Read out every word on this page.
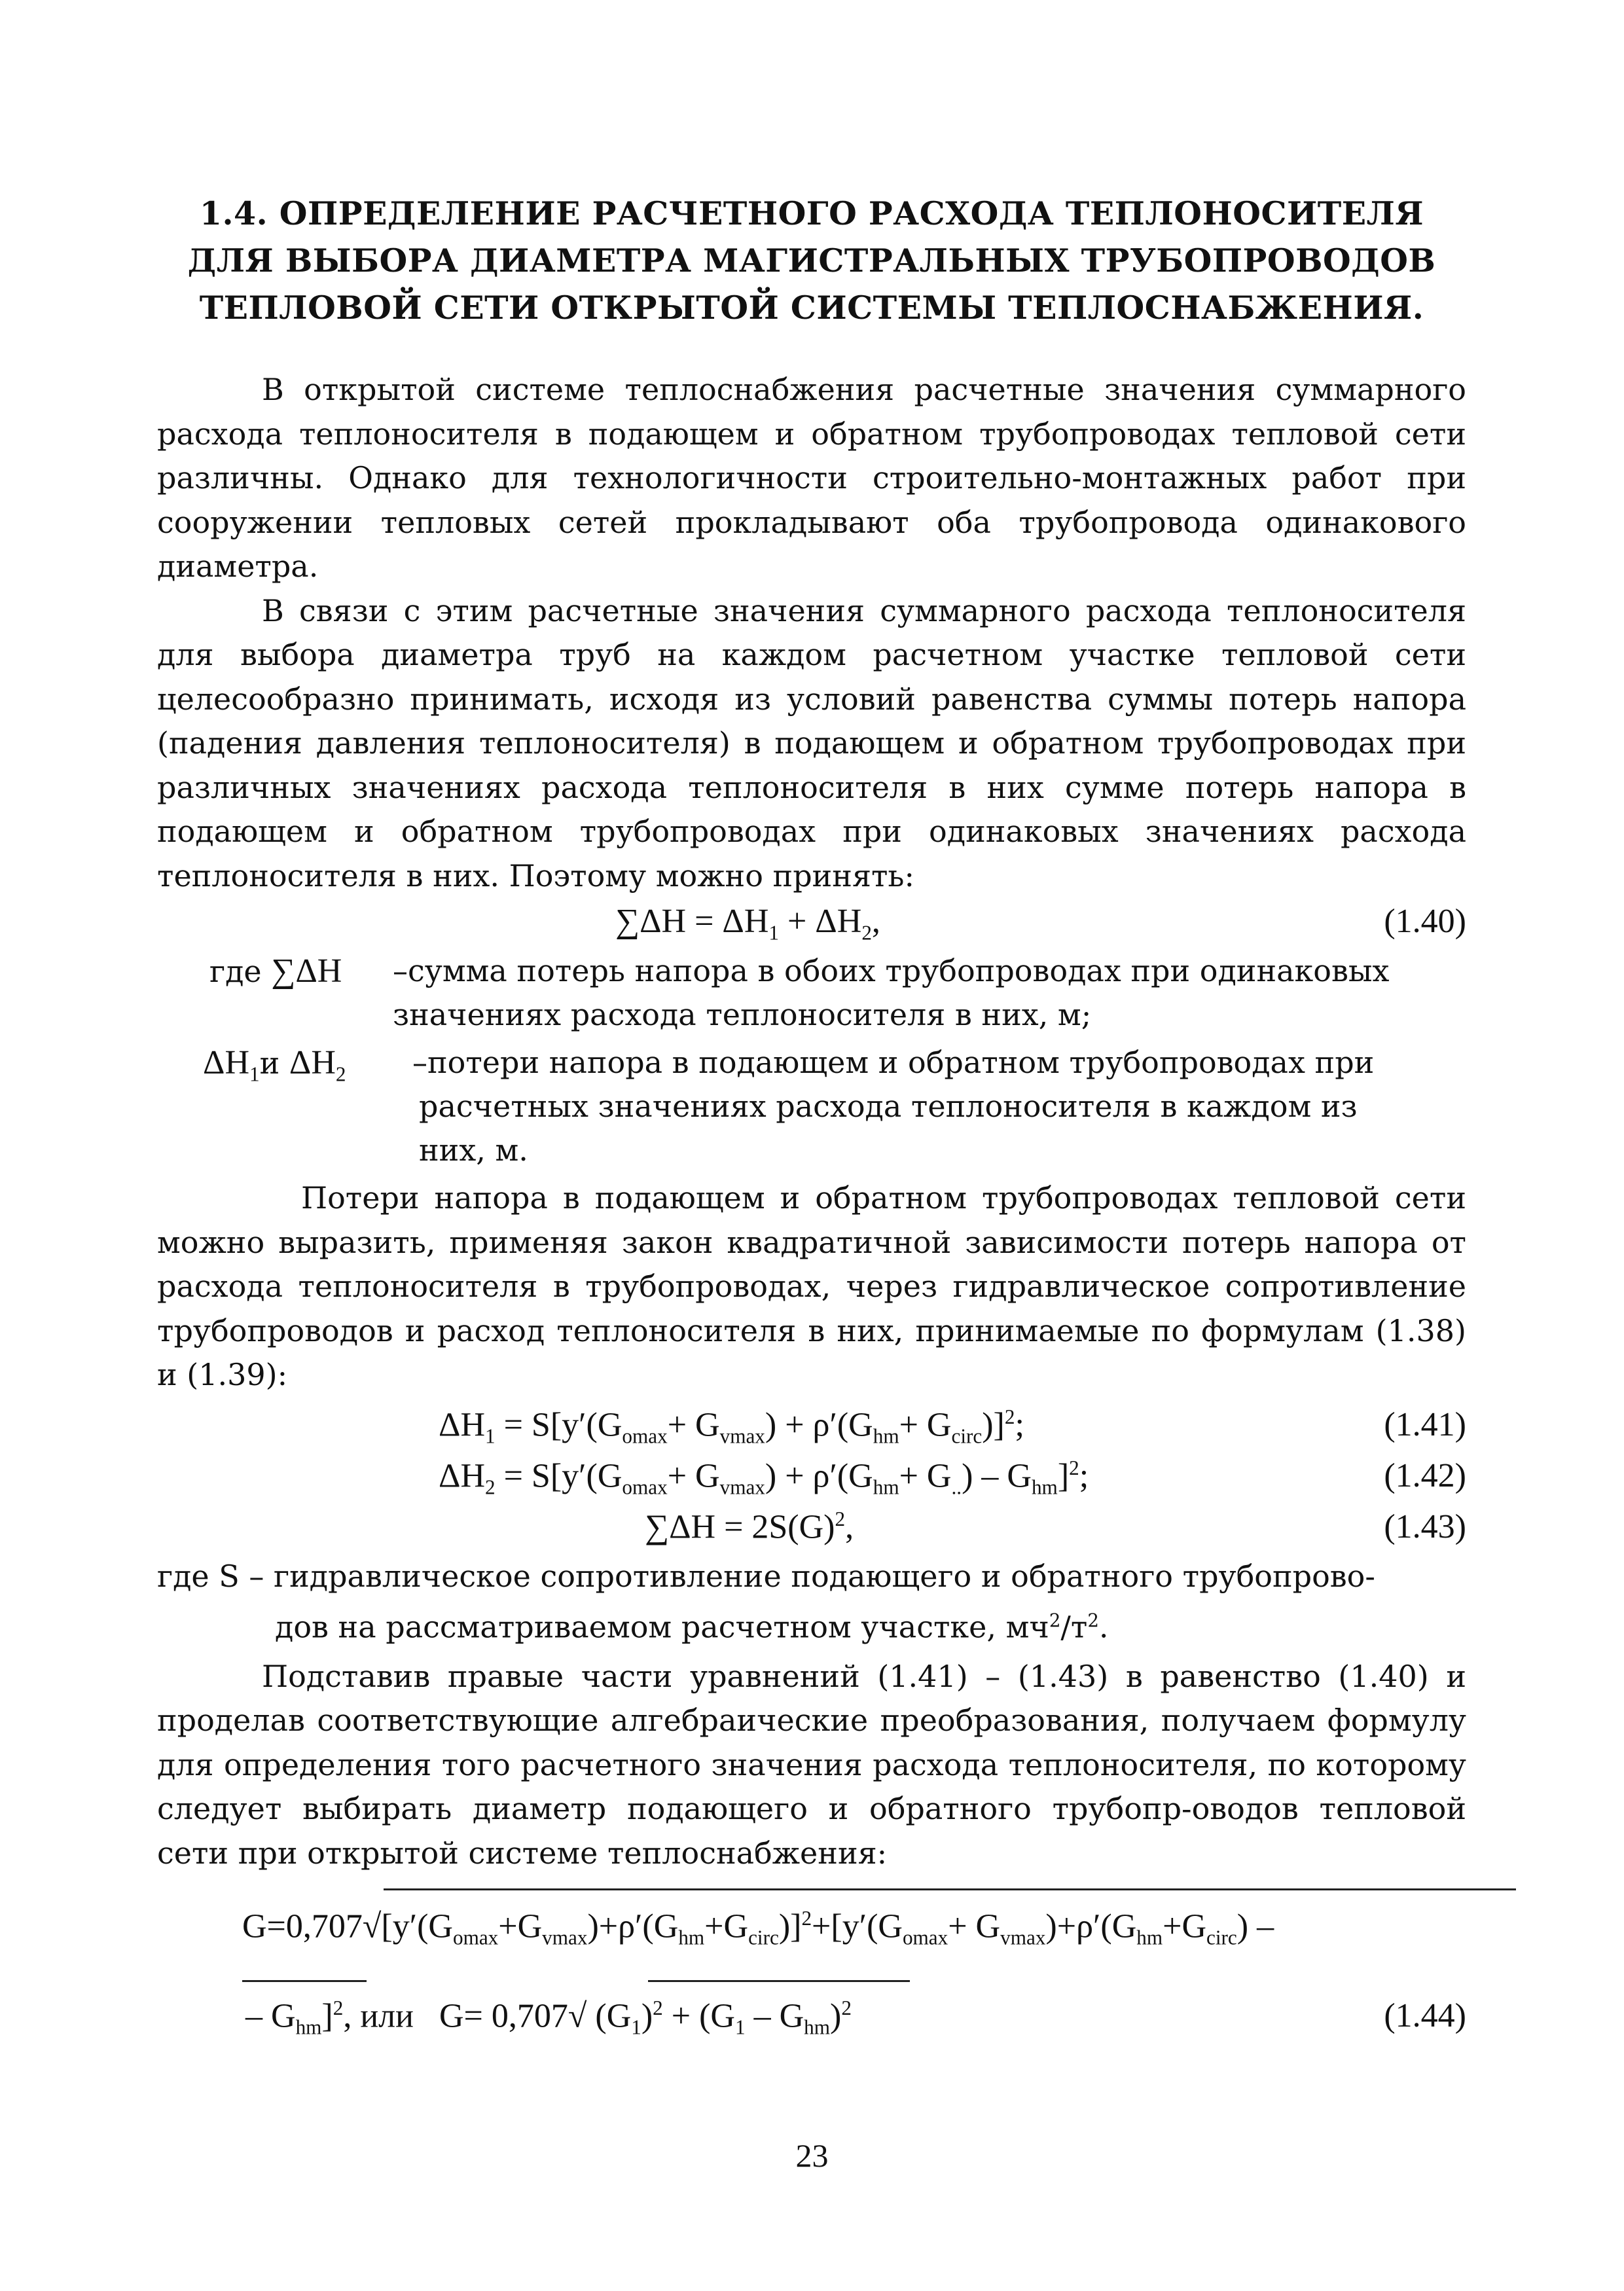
1.4. ОПРЕДЕЛЕНИЕ РАСЧЕТНОГО РАСХОДА ТЕПЛОНОСИТЕЛЯ
ДЛЯ ВЫБОРА ДИАМЕТРА МАГИСТРАЛЬНЫХ ТРУБОПРОВОДОВ
ТЕПЛОВОЙ СЕТИ ОТКРЫТОЙ СИСТЕМЫ ТЕПЛОСНАБЖЕНИЯ.

В открытой системе теплоснабжения расчетные значения суммарного расхода теплоносителя в подающем и обратном трубопроводах тепловой сети различны. Однако для технологичности строительно-монтажных работ при сооружении тепловых сетей прокладывают оба трубопровода одинакового диаметра.

В связи с этим расчетные значения суммарного расхода теплоносителя для выбора диаметра труб на каждом расчетном участке тепловой сети целесообразно принимать, исходя из условий равенства суммы потерь напора (падения давления теплоносителя) в подающем и обратном трубопроводах при различных значениях расхода теплоносителя в них сумме потерь напора в подающем и обратном трубопроводах при одинаковых значениях расхода теплоносителя в них. Поэтому можно принять:

$\sum\Delta H = \Delta H_1 + \Delta H_2$,	(1.40)
где ∑ΔH –сумма потерь напора в обоих трубопроводах при одинаковых значениях расхода теплоносителя в них, м;
$\Delta H_1и$ $\Delta H_2$ –потери напора в подающем и обратном трубопроводах при
расчетных значениях расхода теплоносителя в каждом из
них, м.

Потери напора в подающем и обратном трубопроводах тепловой сети можно выразить, применяя закон квадратичной зависимости потерь напора от расхода теплоносителя в трубопроводах, через гидравлическое сопротивление трубопроводов и расход теплоносителя в них, принимаемые по формулам (1.38) и (1.39):

$\Delta H_1 = S[y'(G_{omax}+ G_{vmax}) + \rho'(G_{hm}+ G_{circ})]^2$;	(1.41)
$\Delta H_2 = S[y'(G_{omax}+ G_{vmax}) + \rho'(G_{hm}+ G_{..}) - G_{hm}]^2$;	(1.42)
$\sum\Delta H = 2S(G)^2$,	(1.43)
где S – гидравлическое сопротивление подающего и обратного трубопрово-
дов на рассматриваемом расчетном участке, $мч^2/т^2$.

Подставив правые части уравнений (1.41) – (1.43) в равенство (1.40) и проделав соответствующие алгебраические преобразования, получаем формулу для определения того расчетного значения расхода теплоносителя, по которому следует выбирать диаметр подающего и обратного трубопр-оводов тепловой сети при открытой системе теплоснабжения:

$G=0,707√[y'(G_{omax}+G_{vmax})+\rho'(G_{hm}+G_{circ})]^2+[y'(G_{omax}+ G_{vmax})+\rho'(G_{hm}+G_{circ})$ –
– $G_{hm}]^2$, или   G= 0,707√ $(G_1)^2 + (G_1 - G_{hm})^2$	(1.44)
23
